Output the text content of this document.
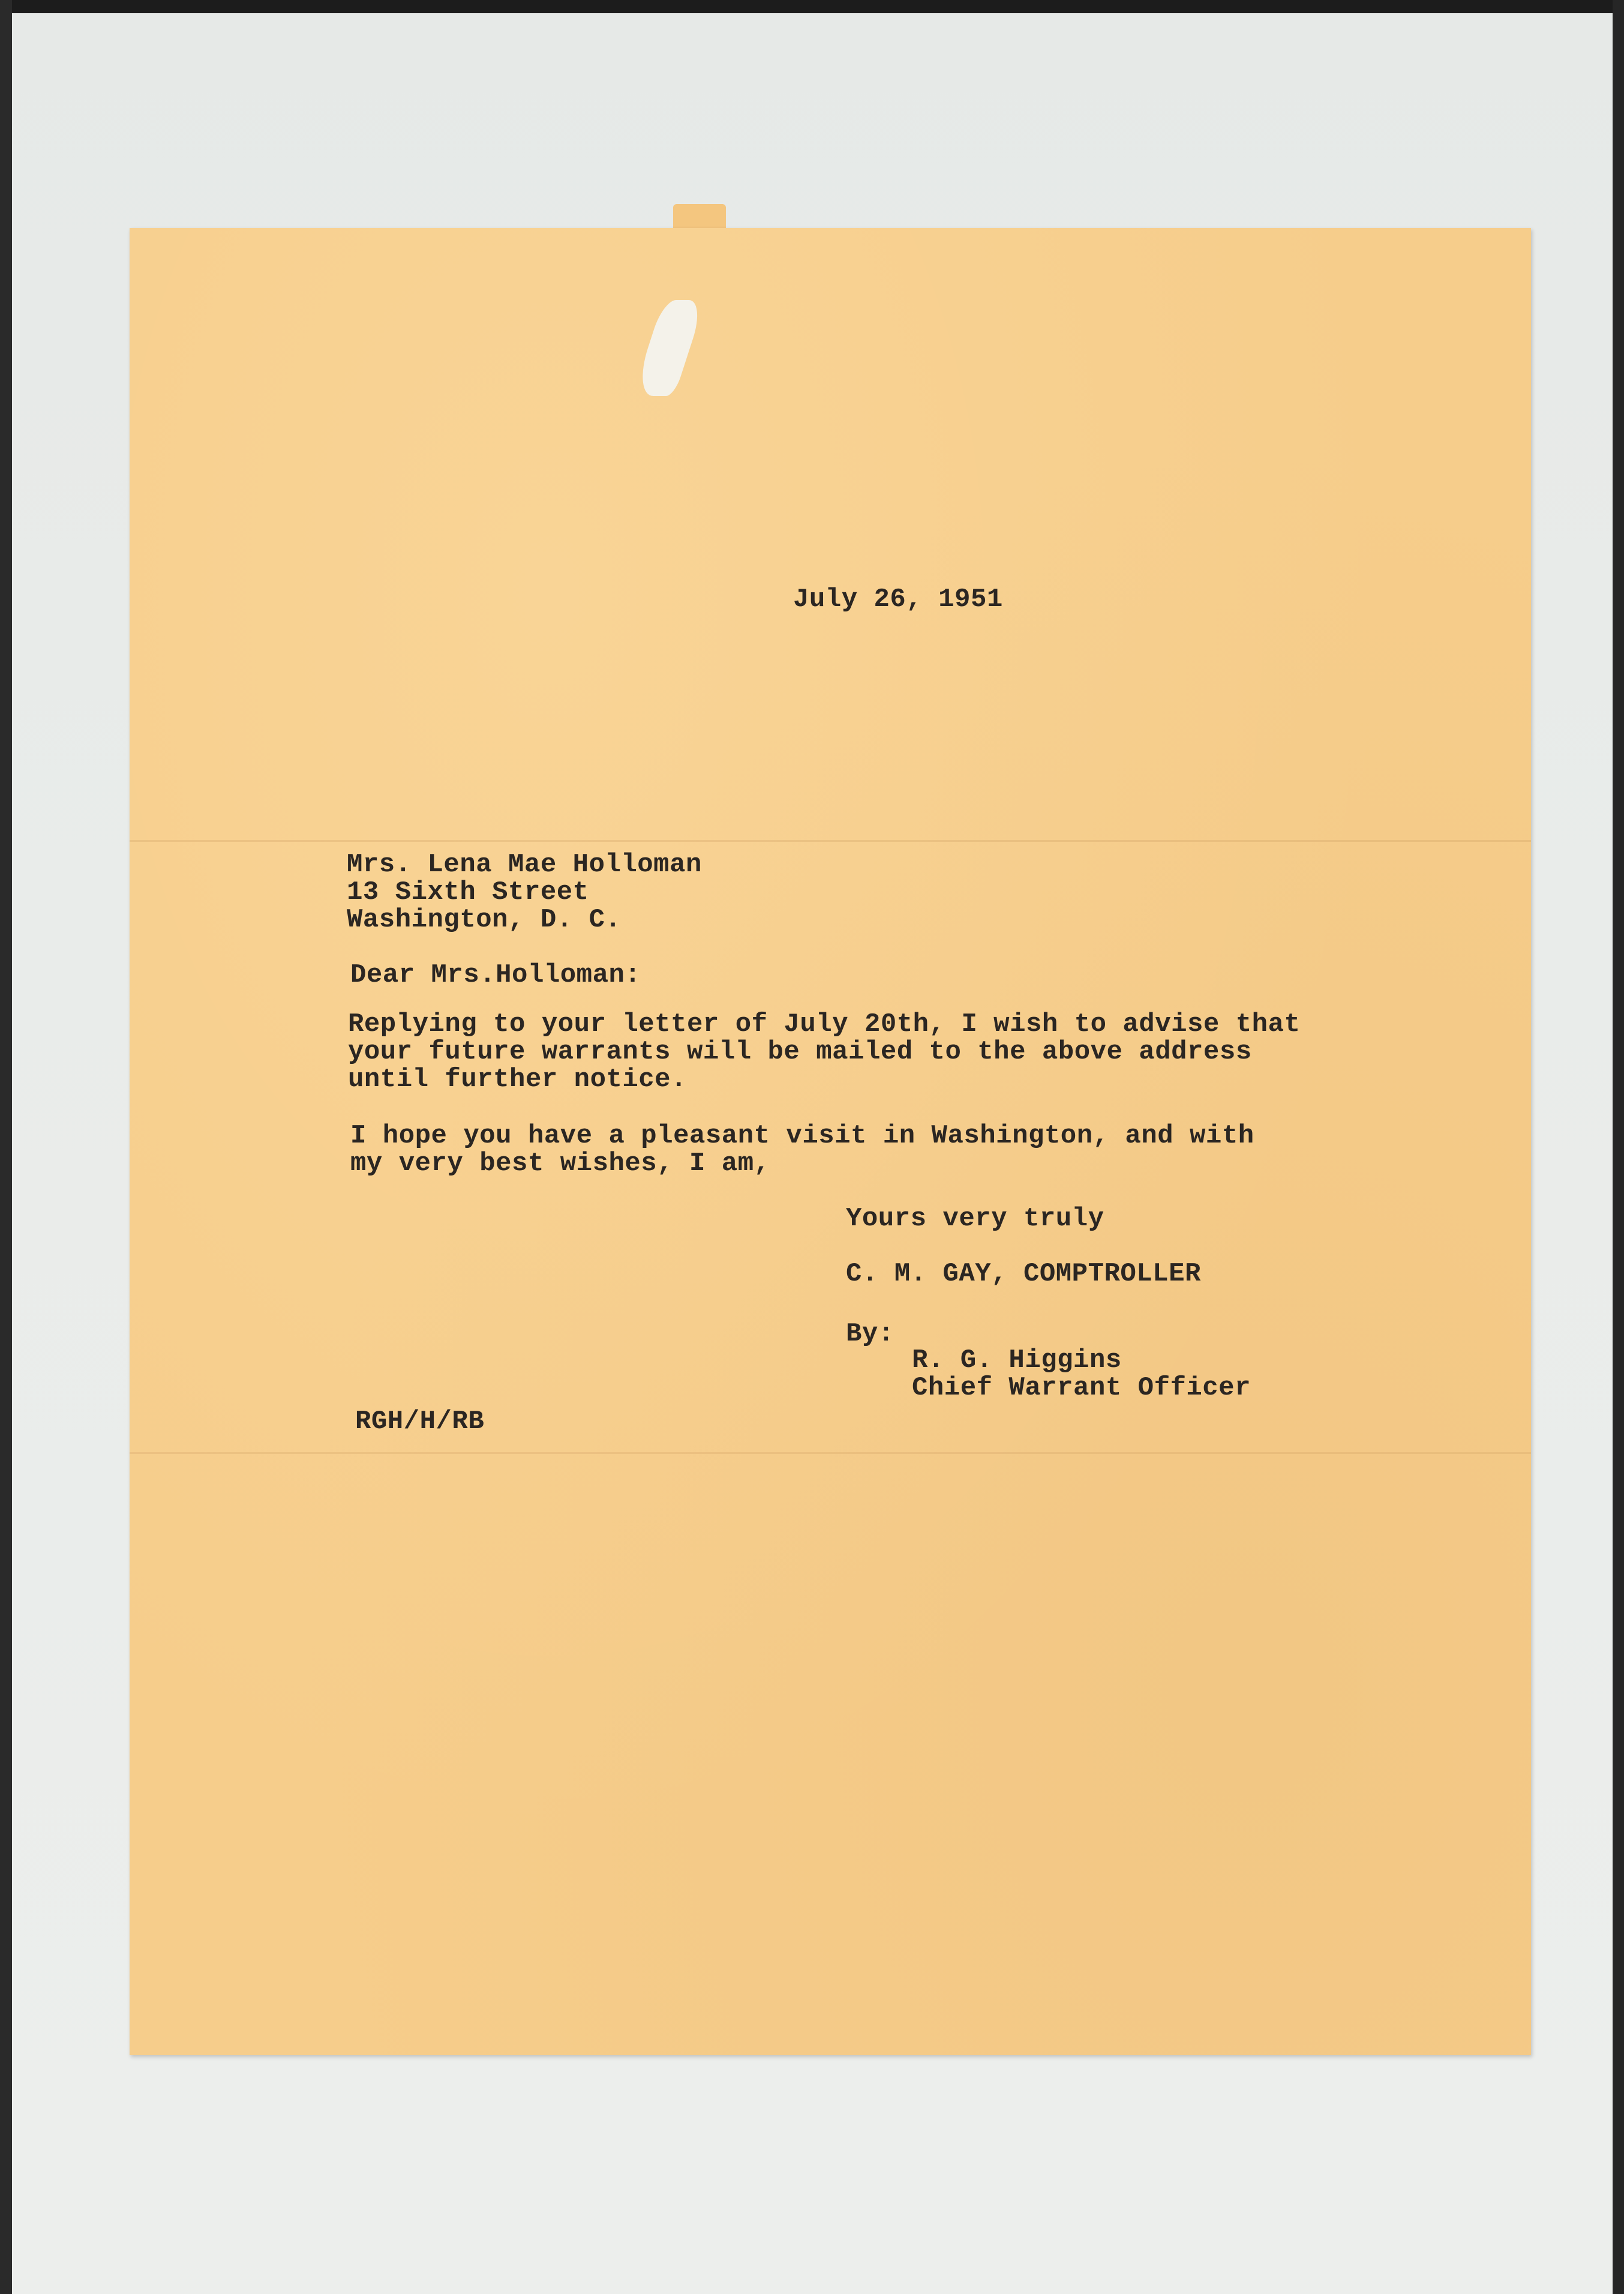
July 26, 1951

Mrs. Lena Mae Holloman

13 Sixth Street

Washington, D. C.

Dear Mrs.Holloman:

Replying to your letter of July 20th, I wish to advise that

your future warrants will be mailed to the above address

until further notice.

I hope you have a pleasant visit in Washington, and with

my very best wishes, I am,

Yours very truly

C. M. GAY, COMPTROLLER

By:

R. G. Higgins

Chief Warrant Officer

RGH/H/RB
